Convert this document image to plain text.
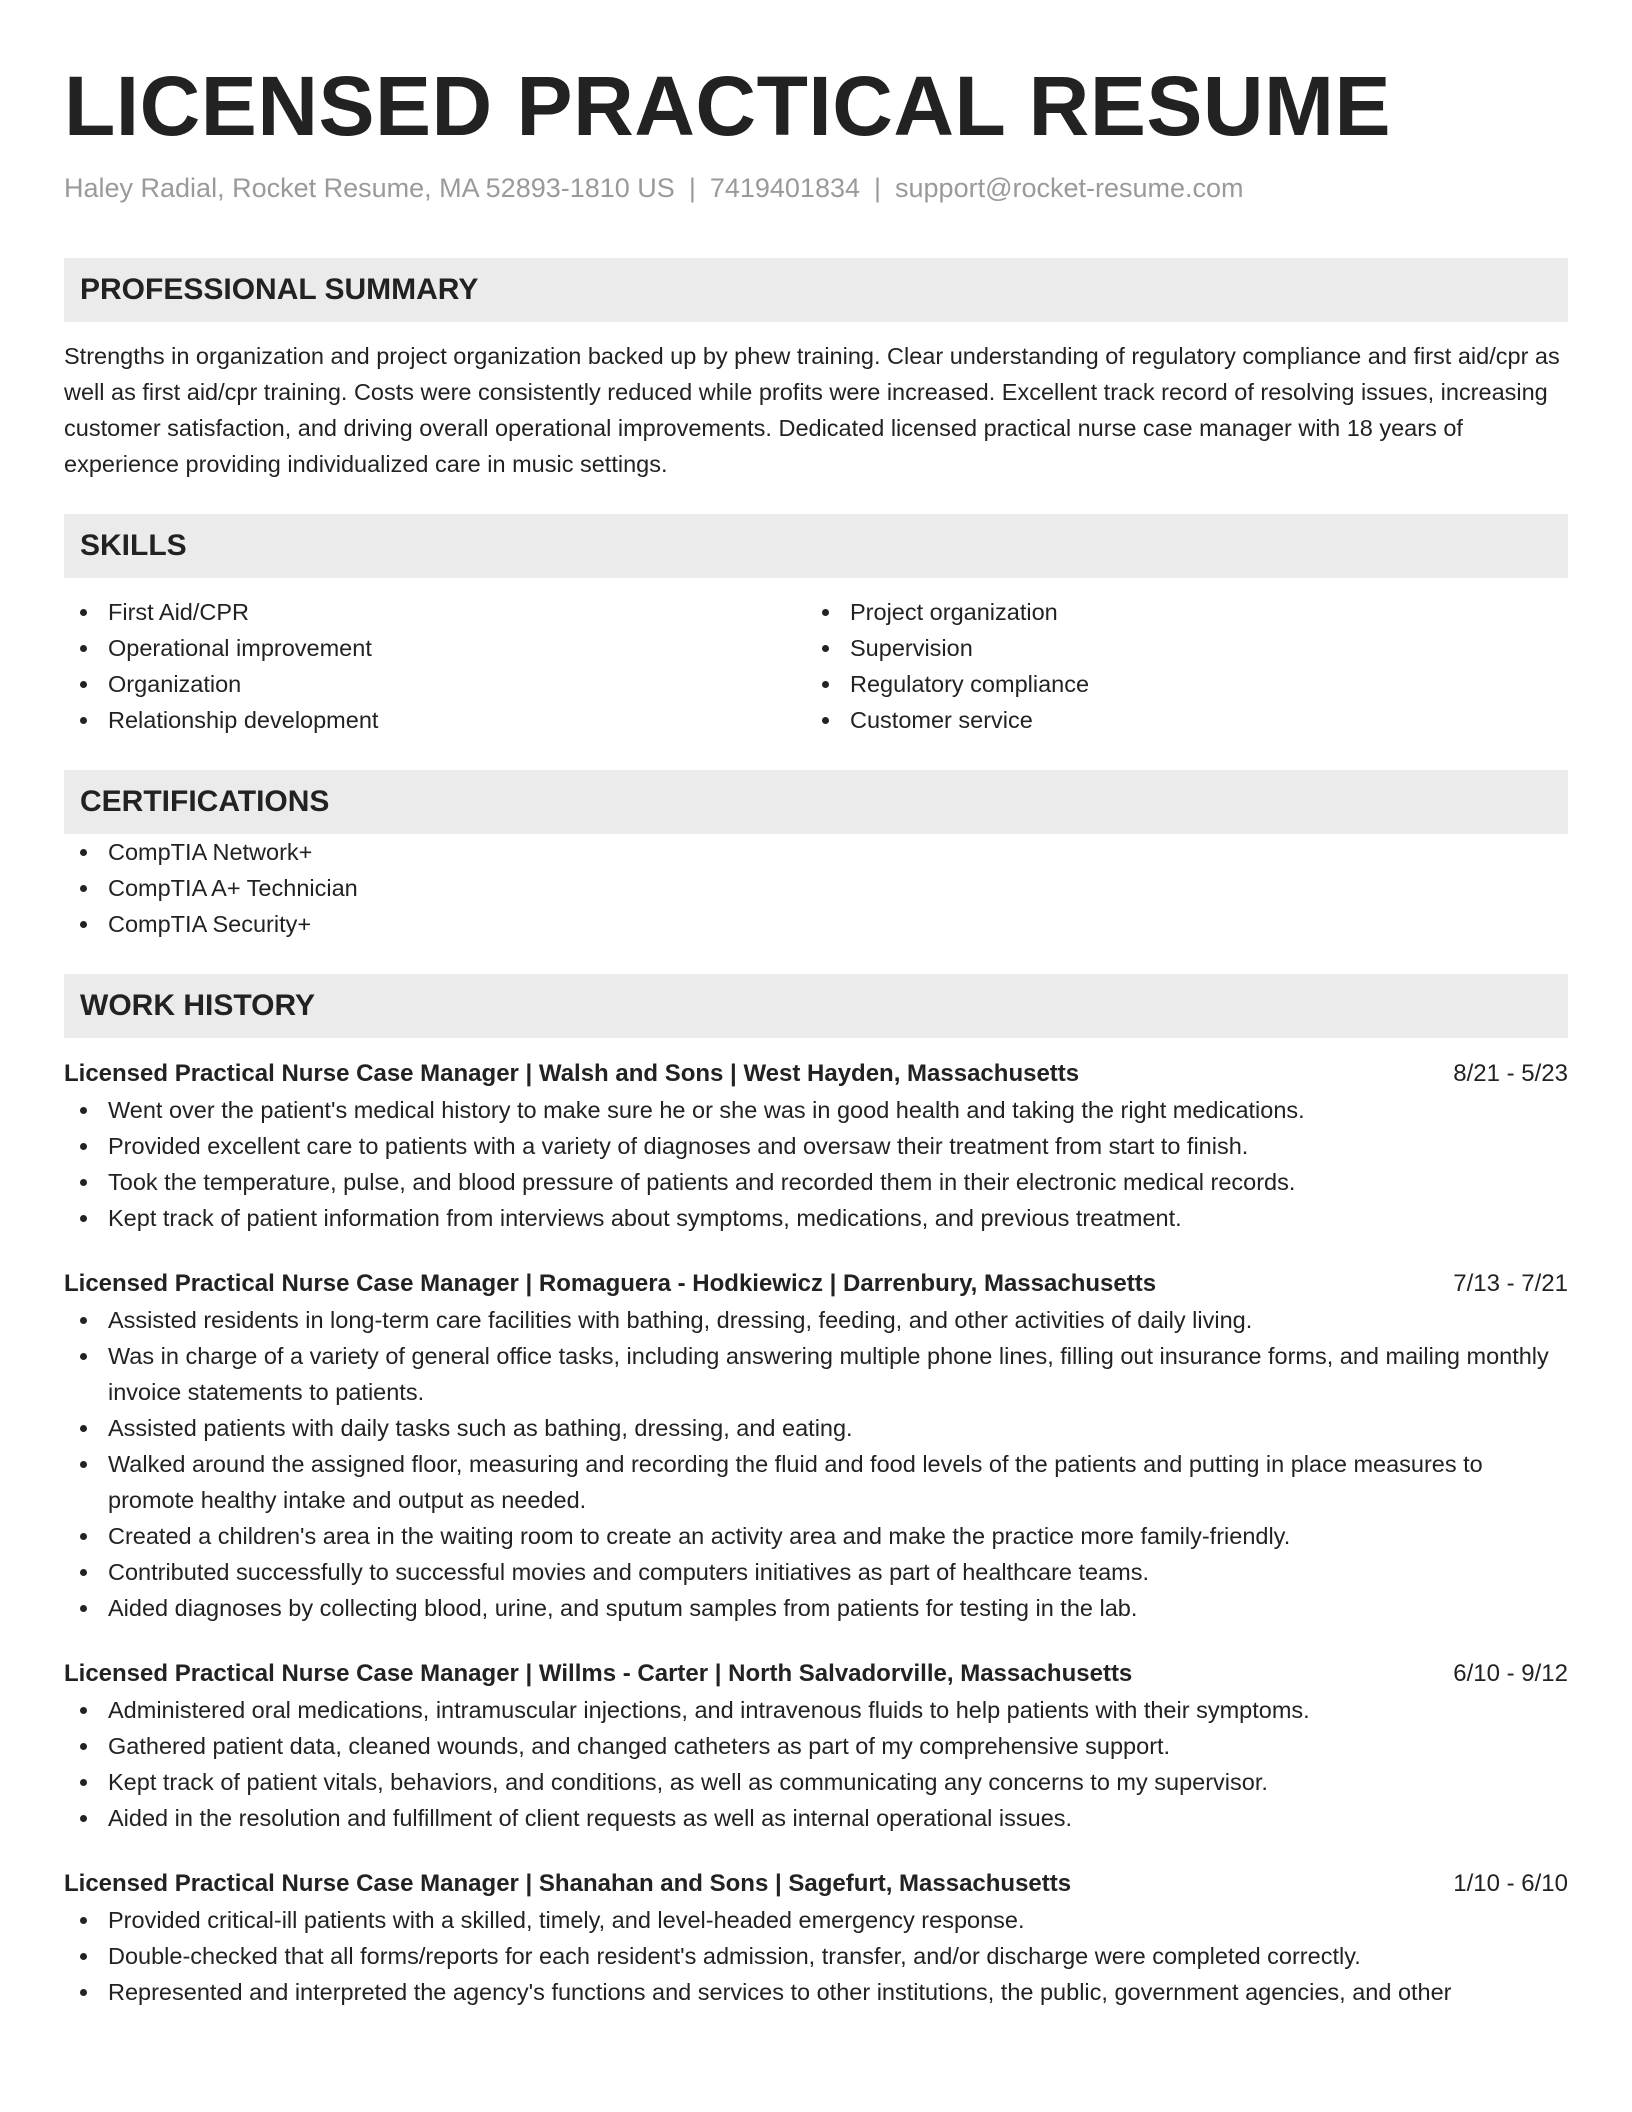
LICENSED PRACTICAL RESUME
Haley Radial, Rocket Resume, MA 52893-1810 US | 7419401834 | support@rocket-resume.com
PROFESSIONAL SUMMARY
Strengths in organization and project organization backed up by phew training. Clear understanding of regulatory compliance and first aid/cpr as well as first aid/cpr training. Costs were consistently reduced while profits were increased. Excellent track record of resolving issues, increasing customer satisfaction, and driving overall operational improvements. Dedicated licensed practical nurse case manager with 18 years of experience providing individualized care in music settings.
SKILLS
First Aid/CPR
Operational improvement
Organization
Relationship development
Project organization
Supervision
Regulatory compliance
Customer service
CERTIFICATIONS
CompTIA Network+
CompTIA A+ Technician
CompTIA Security+
WORK HISTORY
Licensed Practical Nurse Case Manager | Walsh and Sons | West Hayden, Massachusetts	8/21 - 5/23
Went over the patient's medical history to make sure he or she was in good health and taking the right medications.
Provided excellent care to patients with a variety of diagnoses and oversaw their treatment from start to finish.
Took the temperature, pulse, and blood pressure of patients and recorded them in their electronic medical records.
Kept track of patient information from interviews about symptoms, medications, and previous treatment.
Licensed Practical Nurse Case Manager | Romaguera - Hodkiewicz | Darrenbury, Massachusetts	7/13 - 7/21
Assisted residents in long-term care facilities with bathing, dressing, feeding, and other activities of daily living.
Was in charge of a variety of general office tasks, including answering multiple phone lines, filling out insurance forms, and mailing monthly invoice statements to patients.
Assisted patients with daily tasks such as bathing, dressing, and eating.
Walked around the assigned floor, measuring and recording the fluid and food levels of the patients and putting in place measures to promote healthy intake and output as needed.
Created a children's area in the waiting room to create an activity area and make the practice more family-friendly.
Contributed successfully to successful movies and computers initiatives as part of healthcare teams.
Aided diagnoses by collecting blood, urine, and sputum samples from patients for testing in the lab.
Licensed Practical Nurse Case Manager | Willms - Carter | North Salvadorville, Massachusetts	6/10 - 9/12
Administered oral medications, intramuscular injections, and intravenous fluids to help patients with their symptoms.
Gathered patient data, cleaned wounds, and changed catheters as part of my comprehensive support.
Kept track of patient vitals, behaviors, and conditions, as well as communicating any concerns to my supervisor.
Aided in the resolution and fulfillment of client requests as well as internal operational issues.
Licensed Practical Nurse Case Manager | Shanahan and Sons | Sagefurt, Massachusetts	1/10 - 6/10
Provided critical-ill patients with a skilled, timely, and level-headed emergency response.
Double-checked that all forms/reports for each resident's admission, transfer, and/or discharge were completed correctly.
Represented and interpreted the agency's functions and services to other institutions, the public, government agencies, and other
